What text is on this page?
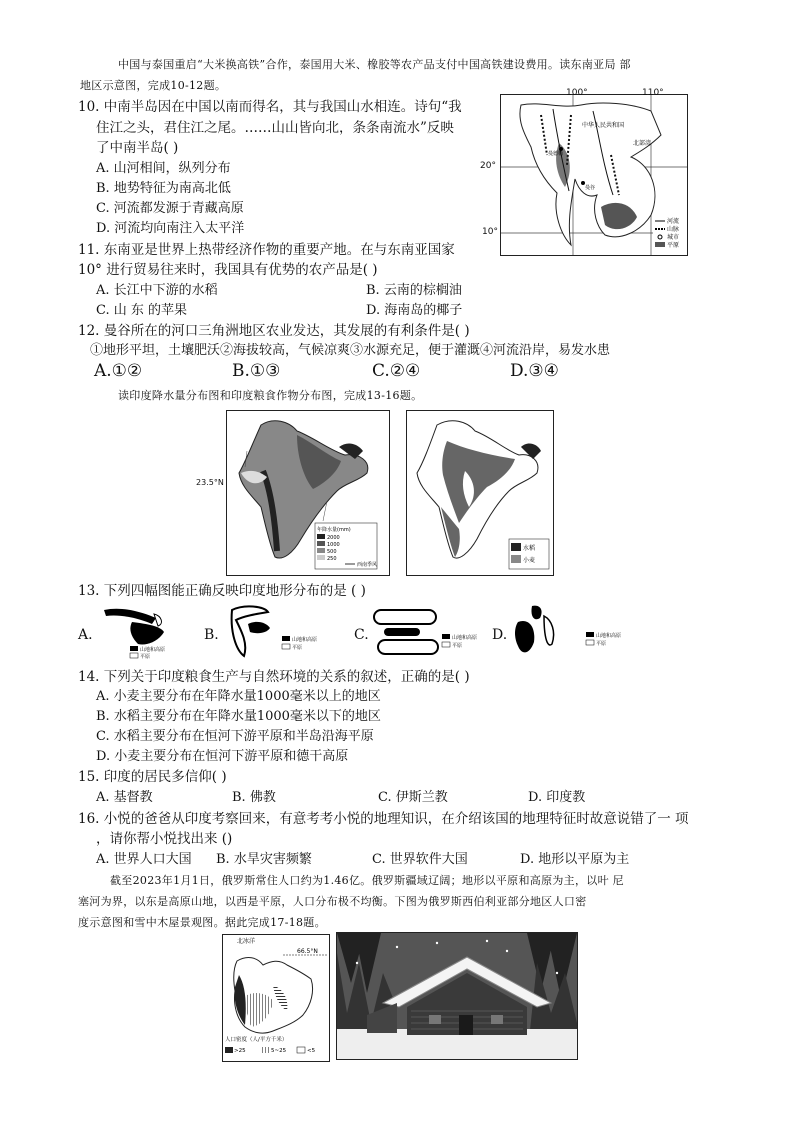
中国与泰国重启“大米换高铁”合作，泰国用大米、橡胶等农产品支付中国高铁建设费用。读东南亚局 部
地区示意图，完成10-12题。
10. 中南半岛因在中国以南而得名，其与我国山水相连。诗句“我
住江之头，君住江之尾。……山山皆向北，条条南流水”反映
了中南半岛( )
A. 山河相间，纵列分布
B. 地势特征为南高北低
C. 河流都发源于青藏高原
D. 河流均向南注入太平洋
中华人民共和国
北部湾
曼德勒
曼谷
河流
山脉
城市
平原
100°	110°
20°
10°
11. 东南亚是世界上热带经济作物的重要产地。在与东南亚国家
10° 进行贸易往来时，我国具有优势的农产品是( )
A. 长江中下游的水稻	B. 云南的棕榈油
C. 山 东 的苹果	D. 海南岛的椰子
12. 曼谷所在的河口三角洲地区农业发达，其发展的有利条件是( )
①地形平坦，土壤肥沃②海拔较高，气候凉爽③水源充足，便于灌溉④河流沿岸，易发水患
A.①②	B.①③	C.②④	D.③④
读印度降水量分布图和印度粮食作物分布图，完成13-16题。
年降水量(mm)
2000
1000
500
250
西南季风
23.5°N
水稻
小麦
13. 下列四幅图能正确反映印度地形分布的是 ( )
A.
山地和高原
平原
B.	山地和高原
平原
C.	山地和高原
平原
D.	山地和高原
平原
14. 下列关于印度粮食生产与自然环境的关系的叙述，正确的是( )
A. 小麦主要分布在年降水量1000毫米以上的地区
B. 水稻主要分布在年降水量1000毫米以下的地区
C. 水稻主要分布在恒河下游平原和半岛沿海平原
D. 小麦主要分布在恒河下游平原和德干高原
15. 印度的居民多信仰( )
A. 基督教	B. 佛教	C. 伊斯兰教	D. 印度教
16. 小悦的爸爸从印度考察回来，有意考考小悦的地理知识，在介绍该国的地理特征时故意说错了一 项
，请你帮小悦找出来 ()
A. 世界人口大国 B. 水旱灾害频繁	C. 世界软件大国	D. 地形以平原为主
截至2023年1月1日，俄罗斯常住人口约为1.46亿。俄罗斯疆域辽阔；地形以平原和高原为主，以叶 尼
塞河为界，以东是高原山地，以西是平原，人口分布极不均衡。下图为俄罗斯西伯利亚部分地区人口密
度示意图和雪中木屋景观图。据此完成17-18题。
北冰洋
66.5°N
人口密度（人/平方千米）
>25	5~25	<5
